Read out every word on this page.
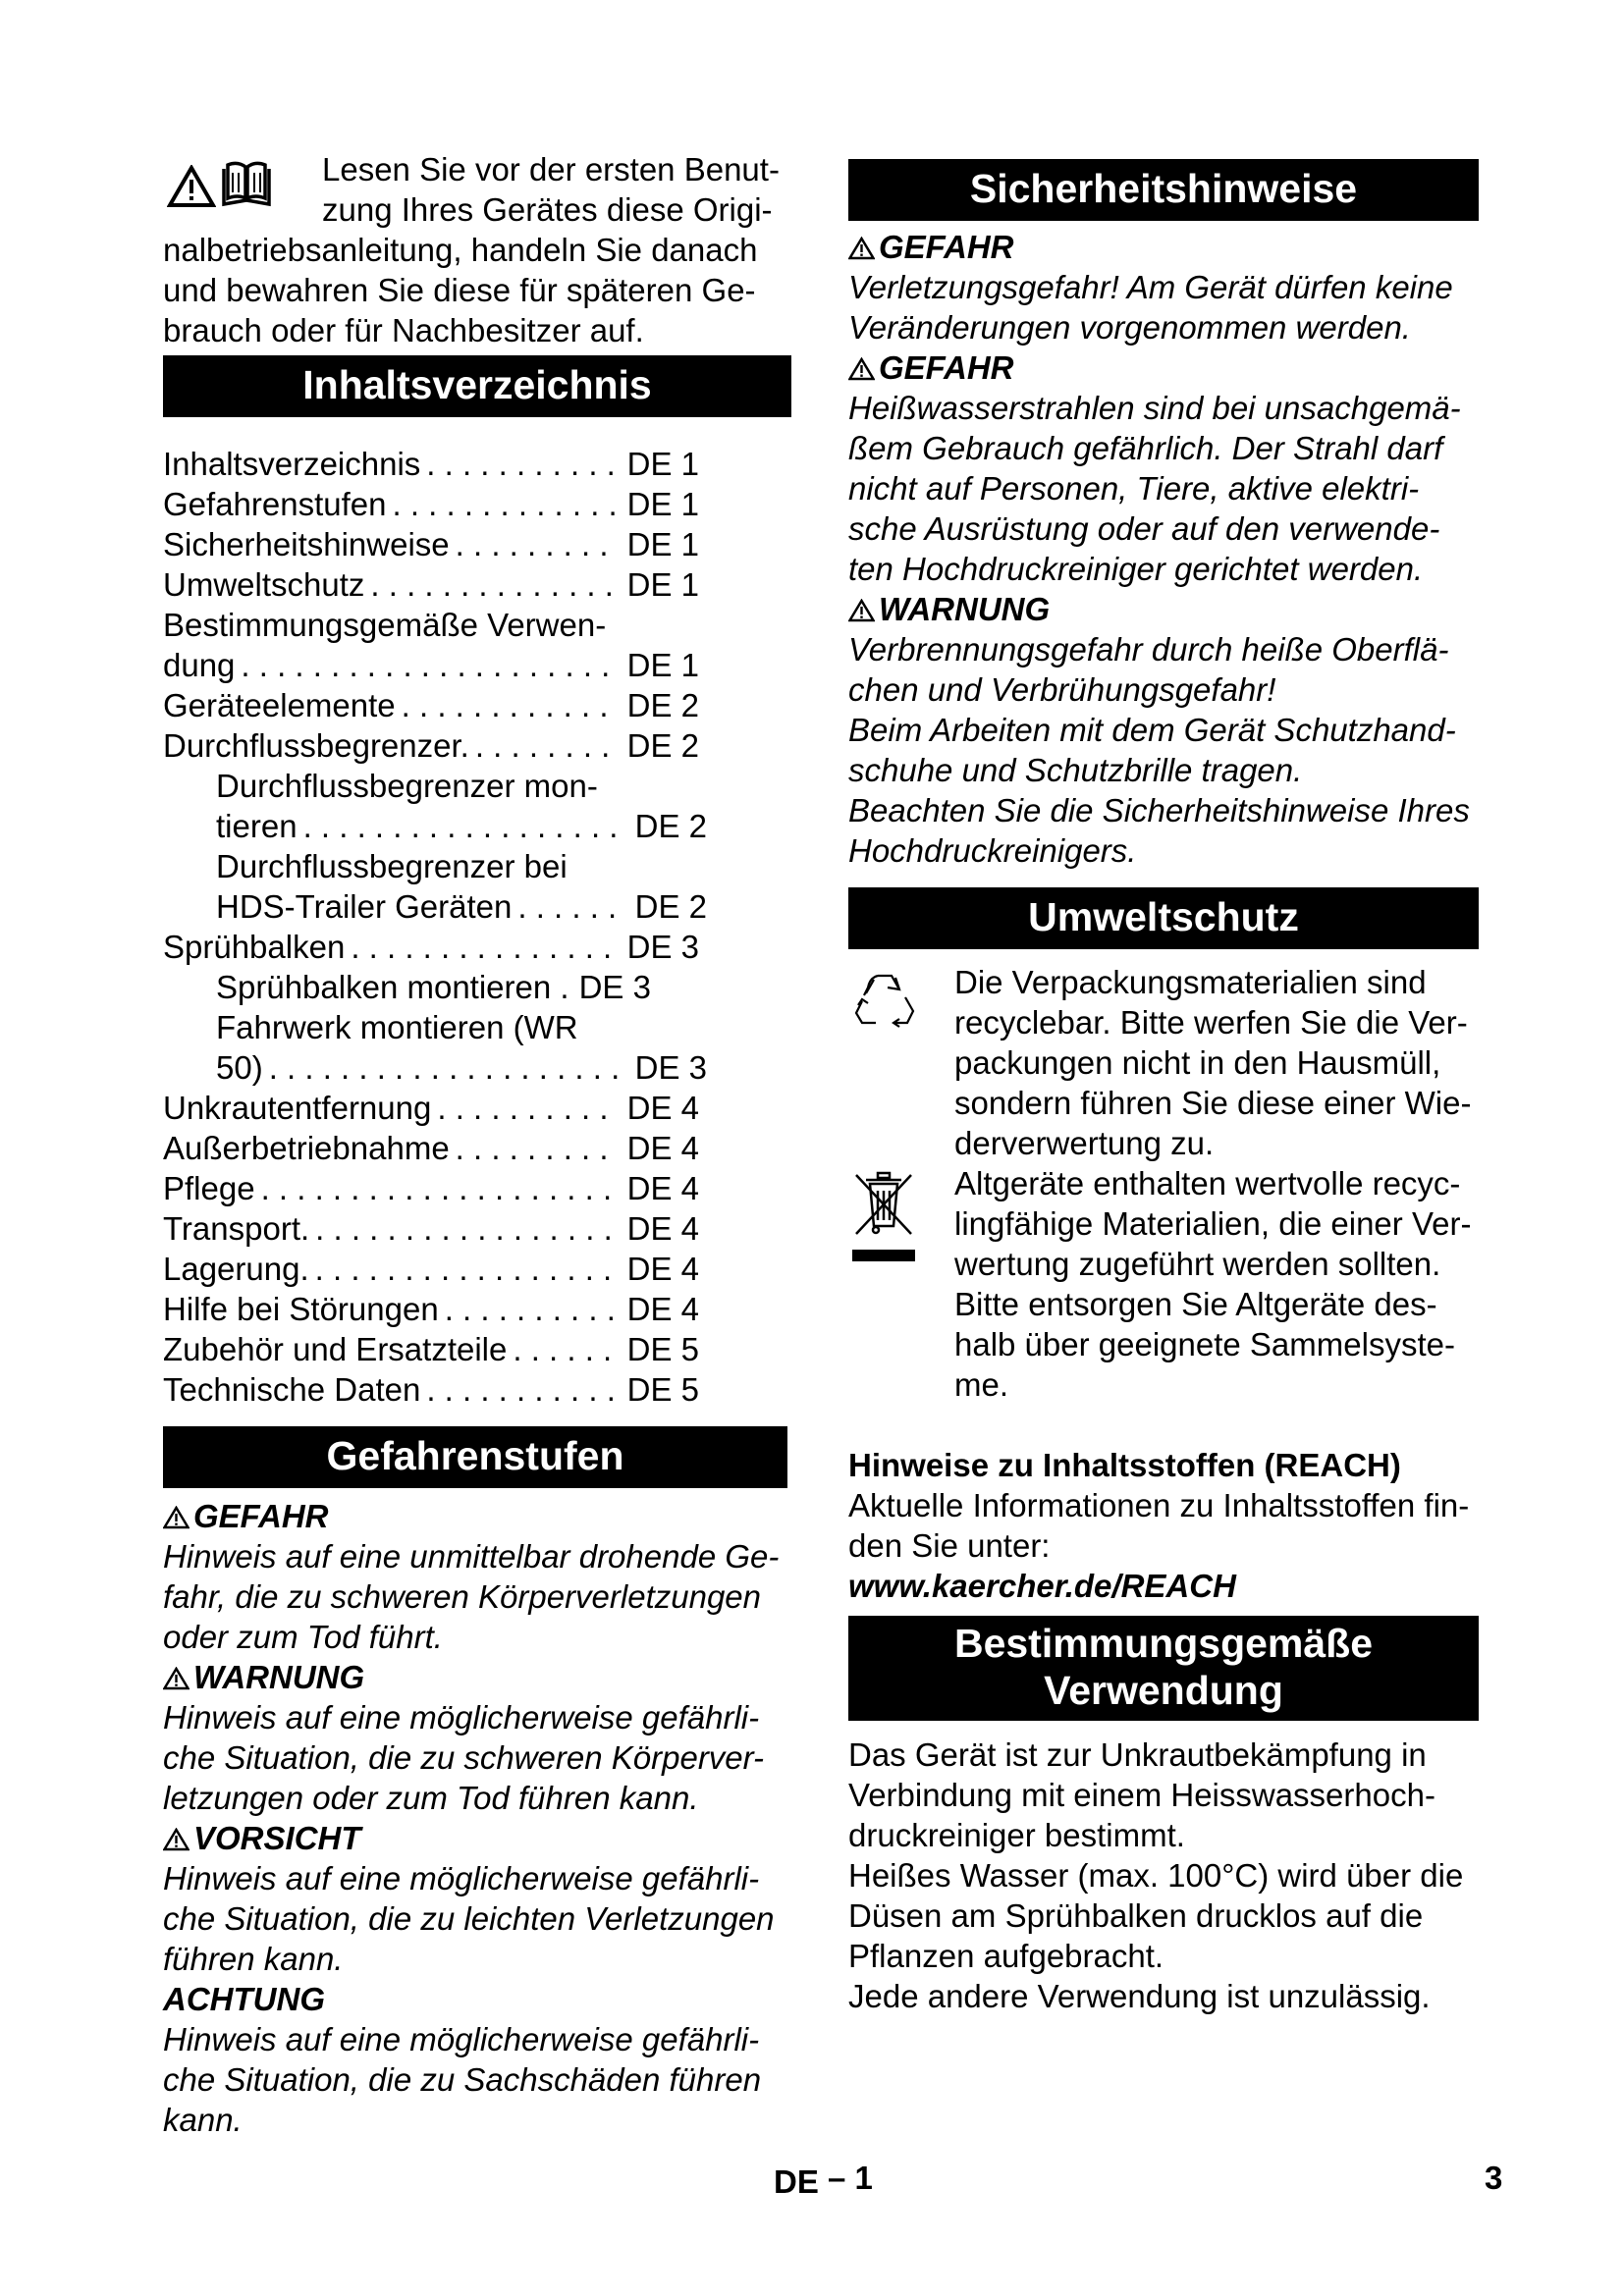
Lesen Sie vor der ersten Benut-

zung Ihres Gerätes diese Origi-

nalbetriebsanleitung, handeln Sie danach

und bewahren Sie diese für späteren Ge-

brauch oder für Nachbesitzer auf.

Inhaltsverzeichnis
Inhaltsverzeichnis . . .	DE 1
Gefahrenstufen . . .	DE 1
Sicherheitshinweise . . .	DE 1
Umweltschutz . . .	DE 1
Bestimmungsgemäße Verwen-
dung . . .	DE 1
Geräteelemente . . .	DE 2
Durchflussbegrenzer. . . .	DE 2
Durchflussbegrenzer mon-
tieren . . .	DE 2
Durchflussbegrenzer bei
HDS-Trailer Geräten . . .	DE 2
Sprühbalken . . .	DE 3
Sprühbalken montieren . DE 3
Fahrwerk montieren (WR
50) . . .	DE 3
Unkrautentfernung . . .	DE 4
Außerbetriebnahme . . .	DE 4
Pflege . . .	DE 4
Transport. . . .	DE 4
Lagerung. . . .	DE 4
Hilfe bei Störungen . . .	DE 4
Zubehör und Ersatzteile . . .	DE 5
Technische Daten . . .	DE 5
Gefahrenstufen

GEFAHR

Hinweis auf eine unmittelbar drohende Ge-

fahr, die zu schweren Körperverletzungen

oder zum Tod führt.

WARNUNG

Hinweis auf eine möglicherweise gefährli-

che Situation, die zu schweren Körperver-

letzungen oder zum Tod führen kann.

VORSICHT

Hinweis auf eine möglicherweise gefährli-

che Situation, die zu leichten Verletzungen

führen kann.

ACHTUNG

Hinweis auf eine möglicherweise gefährli-

che Situation, die zu Sachschäden führen

kann.

Sicherheitshinweise

GEFAHR

Verletzungsgefahr! Am Gerät dürfen keine

Veränderungen vorgenommen werden.

GEFAHR

Heißwasserstrahlen sind bei unsachgemä-

ßem Gebrauch gefährlich. Der Strahl darf

nicht auf Personen, Tiere, aktive elektri-

sche Ausrüstung oder auf den verwende-

ten Hochdruckreiniger gerichtet werden.

WARNUNG

Verbrennungsgefahr durch heiße Oberflä-

chen und Verbrühungsgefahr!

Beim Arbeiten mit dem Gerät Schutzhand-

schuhe und Schutzbrille tragen.

Beachten Sie die Sicherheitshinweise Ihres

Hochdruckreinigers.

Umweltschutz

Die Verpackungsmaterialien sind

recyclebar. Bitte werfen Sie die Ver-

packungen nicht in den Hausmüll,

sondern führen Sie diese einer Wie-

derverwertung zu.

Altgeräte enthalten wertvolle recyc-

lingfähige Materialien, die einer Ver-

wertung zugeführt werden sollten.

Bitte entsorgen Sie Altgeräte des-

halb über geeignete Sammelsyste-

me.

Hinweise zu Inhaltsstoffen (REACH)

Aktuelle Informationen zu Inhaltsstoffen fin-

den Sie unter:

www.kaercher.de/REACH

Bestimmungsgemäße
Verwendung

Das Gerät ist zur Unkrautbekämpfung in

Verbindung mit einem Heisswasserhoch-

druckreiniger bestimmt.

Heißes Wasser (max. 100°C) wird über die

Düsen am Sprühbalken drucklos auf die

Pflanzen aufgebracht.

Jede andere Verwendung ist unzulässig.

DE – 1	3
